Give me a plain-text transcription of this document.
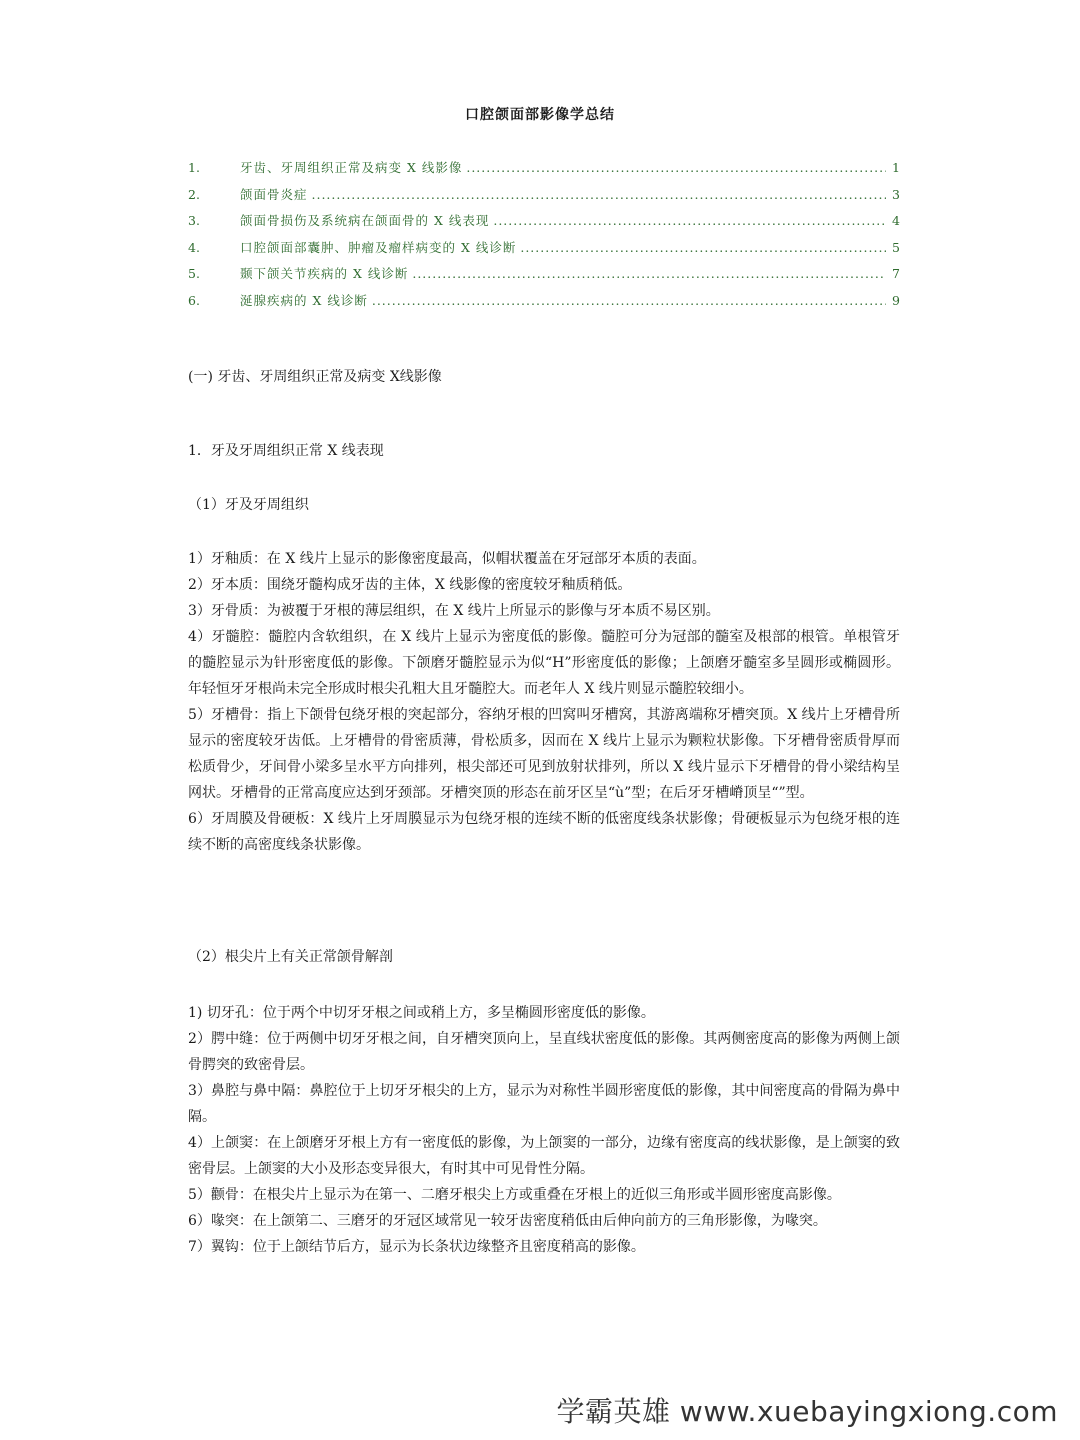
口腔颌面部影像学总结
1.	牙齿、牙周组织正常及病变 X 线影像 .....	1
2.	颌面骨炎症 .....	3
3.	颌面骨损伤及系统病在颌面骨的 X 线表现 .....	4
4.	口腔颌面部囊肿、肿瘤及瘤样病变的 X 线诊断 .....	5
5.	颞下颌关节疾病的 X 线诊断 .....	7
6.	涎腺疾病的 X 线诊断 .....	9
(一) 牙齿、牙周组织正常及病变 X线影像
1．牙及牙周组织正常 X 线表现
（1）牙及牙周组织

1）牙釉质：在 X 线片上显示的影像密度最高，似帽状覆盖在牙冠部牙本质的表面。

2）牙本质：围绕牙髓构成牙齿的主体，X 线影像的密度较牙釉质稍低。

3）牙骨质：为被覆于牙根的薄层组织，在 X 线片上所显示的影像与牙本质不易区别。

4）牙髓腔：髓腔内含软组织，在 X 线片上显示为密度低的影像。髓腔可分为冠部的髓室及根部的根管。单根管牙的髓腔显示为针形密度低的影像。下颌磨牙髓腔显示为似“H”形密度低的影像；上颌磨牙髓室多呈圆形或椭圆形。年轻恒牙牙根尚未完全形成时根尖孔粗大且牙髓腔大。而老年人 X 线片则显示髓腔较细小。

5）牙槽骨：指上下颌骨包绕牙根的突起部分，容纳牙根的凹窝叫牙槽窝，其游离端称牙槽突顶。X 线片上牙槽骨所显示的密度较牙齿低。上牙槽骨的骨密质薄，骨松质多，因而在 X 线片上显示为颗粒状影像。下牙槽骨密质骨厚而松质骨少，牙间骨小梁多呈水平方向排列，根尖部还可见到放射状排列，所以 X 线片显示下牙槽骨的骨小梁结构呈网状。牙槽骨的正常高度应达到牙颈部。牙槽突顶的形态在前牙区呈“ù”型；在后牙牙槽嵴顶呈“”型。

6）牙周膜及骨硬板：X 线片上牙周膜显示为包绕牙根的连续不断的低密度线条状影像；骨硬板显示为包绕牙根的连续不断的高密度线条状影像。

（2）根尖片上有关正常颌骨解剖

1) 切牙孔：位于两个中切牙牙根之间或稍上方，多呈椭圆形密度低的影像。

2）腭中缝：位于两侧中切牙牙根之间，自牙槽突顶向上，呈直线状密度低的影像。其两侧密度高的影像为两侧上颌骨腭突的致密骨层。

3）鼻腔与鼻中隔：鼻腔位于上切牙牙根尖的上方，显示为对称性半圆形密度低的影像，其中间密度高的骨隔为鼻中隔。

4）上颌窦：在上颌磨牙牙根上方有一密度低的影像，为上颌窦的一部分，边缘有密度高的线状影像，是上颌窦的致密骨层。上颌窦的大小及形态变异很大，有时其中可见骨性分隔。

5）颧骨：在根尖片上显示为在第一、二磨牙根尖上方或重叠在牙根上的近似三角形或半圆形密度高影像。

6）喙突：在上颌第二、三磨牙的牙冠区域常见一较牙齿密度稍低由后伸向前方的三角形影像，为喙突。

7）翼钩：位于上颌结节后方，显示为长条状边缘整齐且密度稍高的影像。

学霸英雄 www.xuebayingxiong.com
